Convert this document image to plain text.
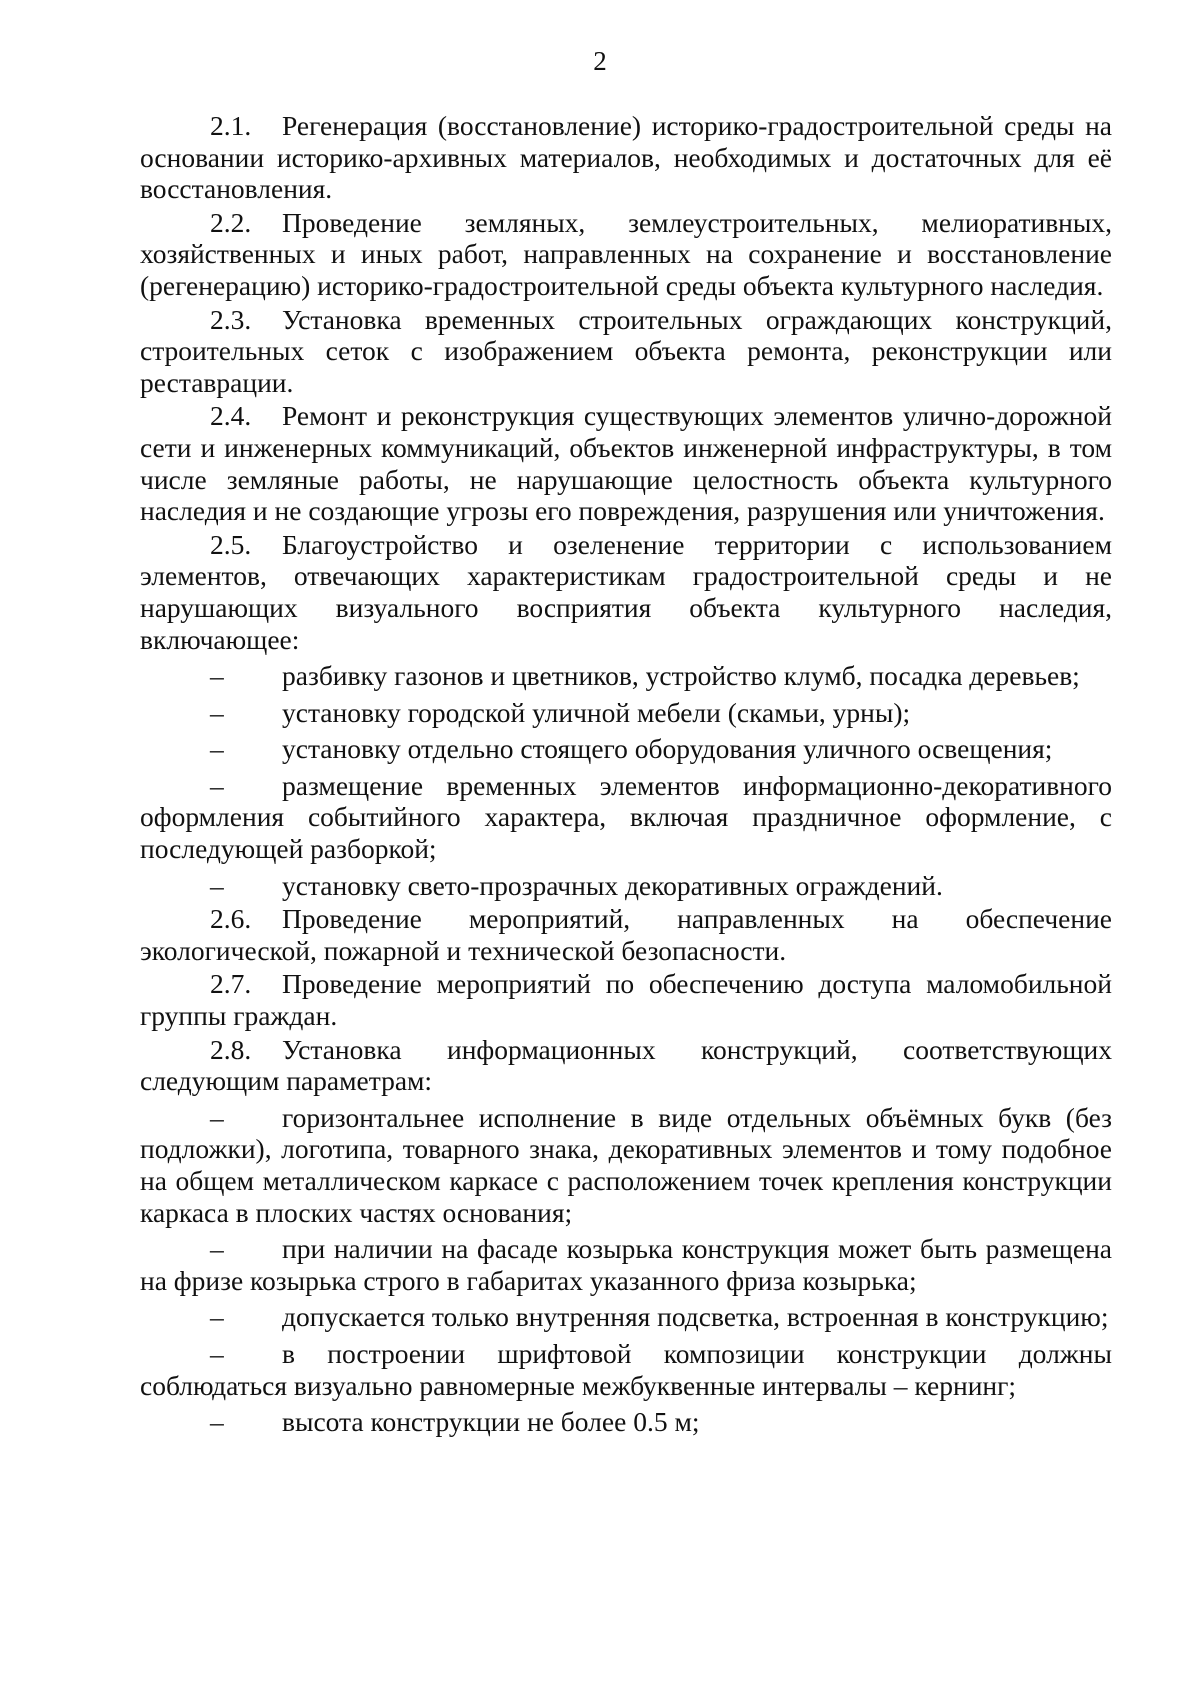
2

2.1. Регенерация (восстановление) историко-градостроительной среды на основании историко-архивных материалов, необходимых и достаточных для её восстановления.

2.2. Проведение земляных, землеустроительных, мелиоративных, хозяйственных и иных работ, направленных на сохранение и восстановление (регенерацию) историко-градостроительной среды объекта культурного наследия.

2.3. Установка временных строительных ограждающих конструкций, строительных сеток с изображением объекта ремонта, реконструкции или реставрации.

2.4. Ремонт и реконструкция существующих элементов улично-дорожной сети и инженерных коммуникаций, объектов инженерной инфраструктуры, в том числе земляные работы, не нарушающие целостность объекта культурного наследия и не создающие угрозы его повреждения, разрушения или уничтожения.

2.5. Благоустройство и озеленение территории с использованием элементов, отвечающих характеристикам градостроительной среды и не нарушающих визуального восприятия объекта культурного наследия, включающее:

– разбивку газонов и цветников, устройство клумб, посадка деревьев;

– установку городской уличной мебели (скамьи, урны);

– установку отдельно стоящего оборудования уличного освещения;

– размещение временных элементов информационно-декоративного оформления событийного характера, включая праздничное оформление, с последующей разборкой;

– установку свето-прозрачных декоративных ограждений.

2.6. Проведение мероприятий, направленных на обеспечение экологической, пожарной и технической безопасности.

2.7. Проведение мероприятий по обеспечению доступа маломобильной группы граждан.

2.8. Установка информационных конструкций, соответствующих следующим параметрам:

– горизонтальнее исполнение в виде отдельных объёмных букв (без подложки), логотипа, товарного знака, декоративных элементов и тому подобное на общем металлическом каркасе с расположением точек крепления конструкции каркаса в плоских частях основания;

– при наличии на фасаде козырька конструкция может быть размещена на фризе козырька строго в габаритах указанного фриза козырька;

– допускается только внутренняя подсветка, встроенная в конструкцию;

– в построении шрифтовой композиции конструкции должны соблюдаться визуально равномерные межбуквенные интервалы – кернинг;

– высота конструкции не более 0.5 м;
